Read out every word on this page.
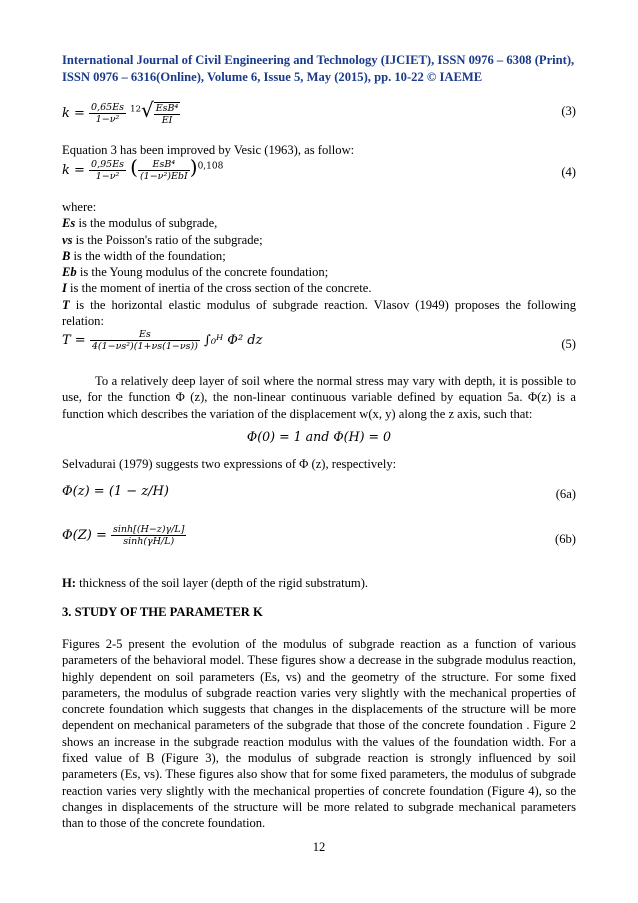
International Journal of Civil Engineering and Technology (IJCIET), ISSN 0976 – 6308 (Print),
ISSN 0976 – 6316(Online), Volume 6, Issue 5, May (2015), pp. 10-22 © IAEME
$k = \frac{0,65Es}{\text{1−ν²}} ^{12}√ \frac{\text{EsB⁴}}{EI}$	(3)
Equation 3 has been improved by Vesic (1963), as follow:
$k = \frac{0,95Es}{\text{1−ν²}}$ ( $\frac{\text{EsB⁴}}{\text{(1−ν²)EbI}} )^{0,108}$	(4)
where:
Es is the modulus of subgrade,
vs is the Poisson's ratio of the subgrade;
B is the width of the foundation;
Eb is the Young modulus of the concrete foundation;
I is the moment of inertia of the cross section of the concrete.
T is the horizontal elastic modulus of subgrade reaction. Vlasov (1949) proposes the following relation:
$T = \frac{Es}{\text{4(1−νs²)(1+νs(1−νs))}}$ ∫₀ᴴ Φ² dz	(5)
To a relatively deep layer of soil where the normal stress may vary with depth, it is possible to use, for the function Φ (z), the non-linear continuous variable defined by equation 5a. Φ(z) is a function which describes the variation of the displacement w(x, y) along the z axis, such that:
Φ(0) = 1 and Φ(H) = 0
Selvadurai (1979) suggests two expressions of Φ (z), respectively:
Φ(z) = (1 − z/H)	(6a)
$\Phi(Z) = \frac{\sinh[(H-z)\gamma/L]}{\sinh(\gamma H/L)}$	(6b)
H: thickness of the soil layer (depth of the rigid substratum).
3. STUDY OF THE PARAMETER K
Figures 2-5 present the evolution of the modulus of subgrade reaction as a function of various parameters of the behavioral model. These figures show a decrease in the subgrade modulus reaction, highly dependent on soil parameters (Es, vs) and the geometry of the structure. For some fixed parameters, the modulus of subgrade reaction varies very slightly with the mechanical properties of concrete foundation which suggests that changes in the displacements of the structure will be more dependent on mechanical parameters of the subgrade that those of the concrete foundation . Figure 2 shows an increase in the subgrade reaction modulus with the values of the foundation width. For a fixed value of B (Figure 3), the modulus of subgrade reaction is strongly influenced by soil parameters (Es, vs). These figures also show that for some fixed parameters, the modulus of subgrade reaction varies very slightly with the mechanical properties of concrete foundation (Figure 4), so the changes in displacements of the structure will be more related to subgrade mechanical parameters than to those of the concrete foundation.
12
